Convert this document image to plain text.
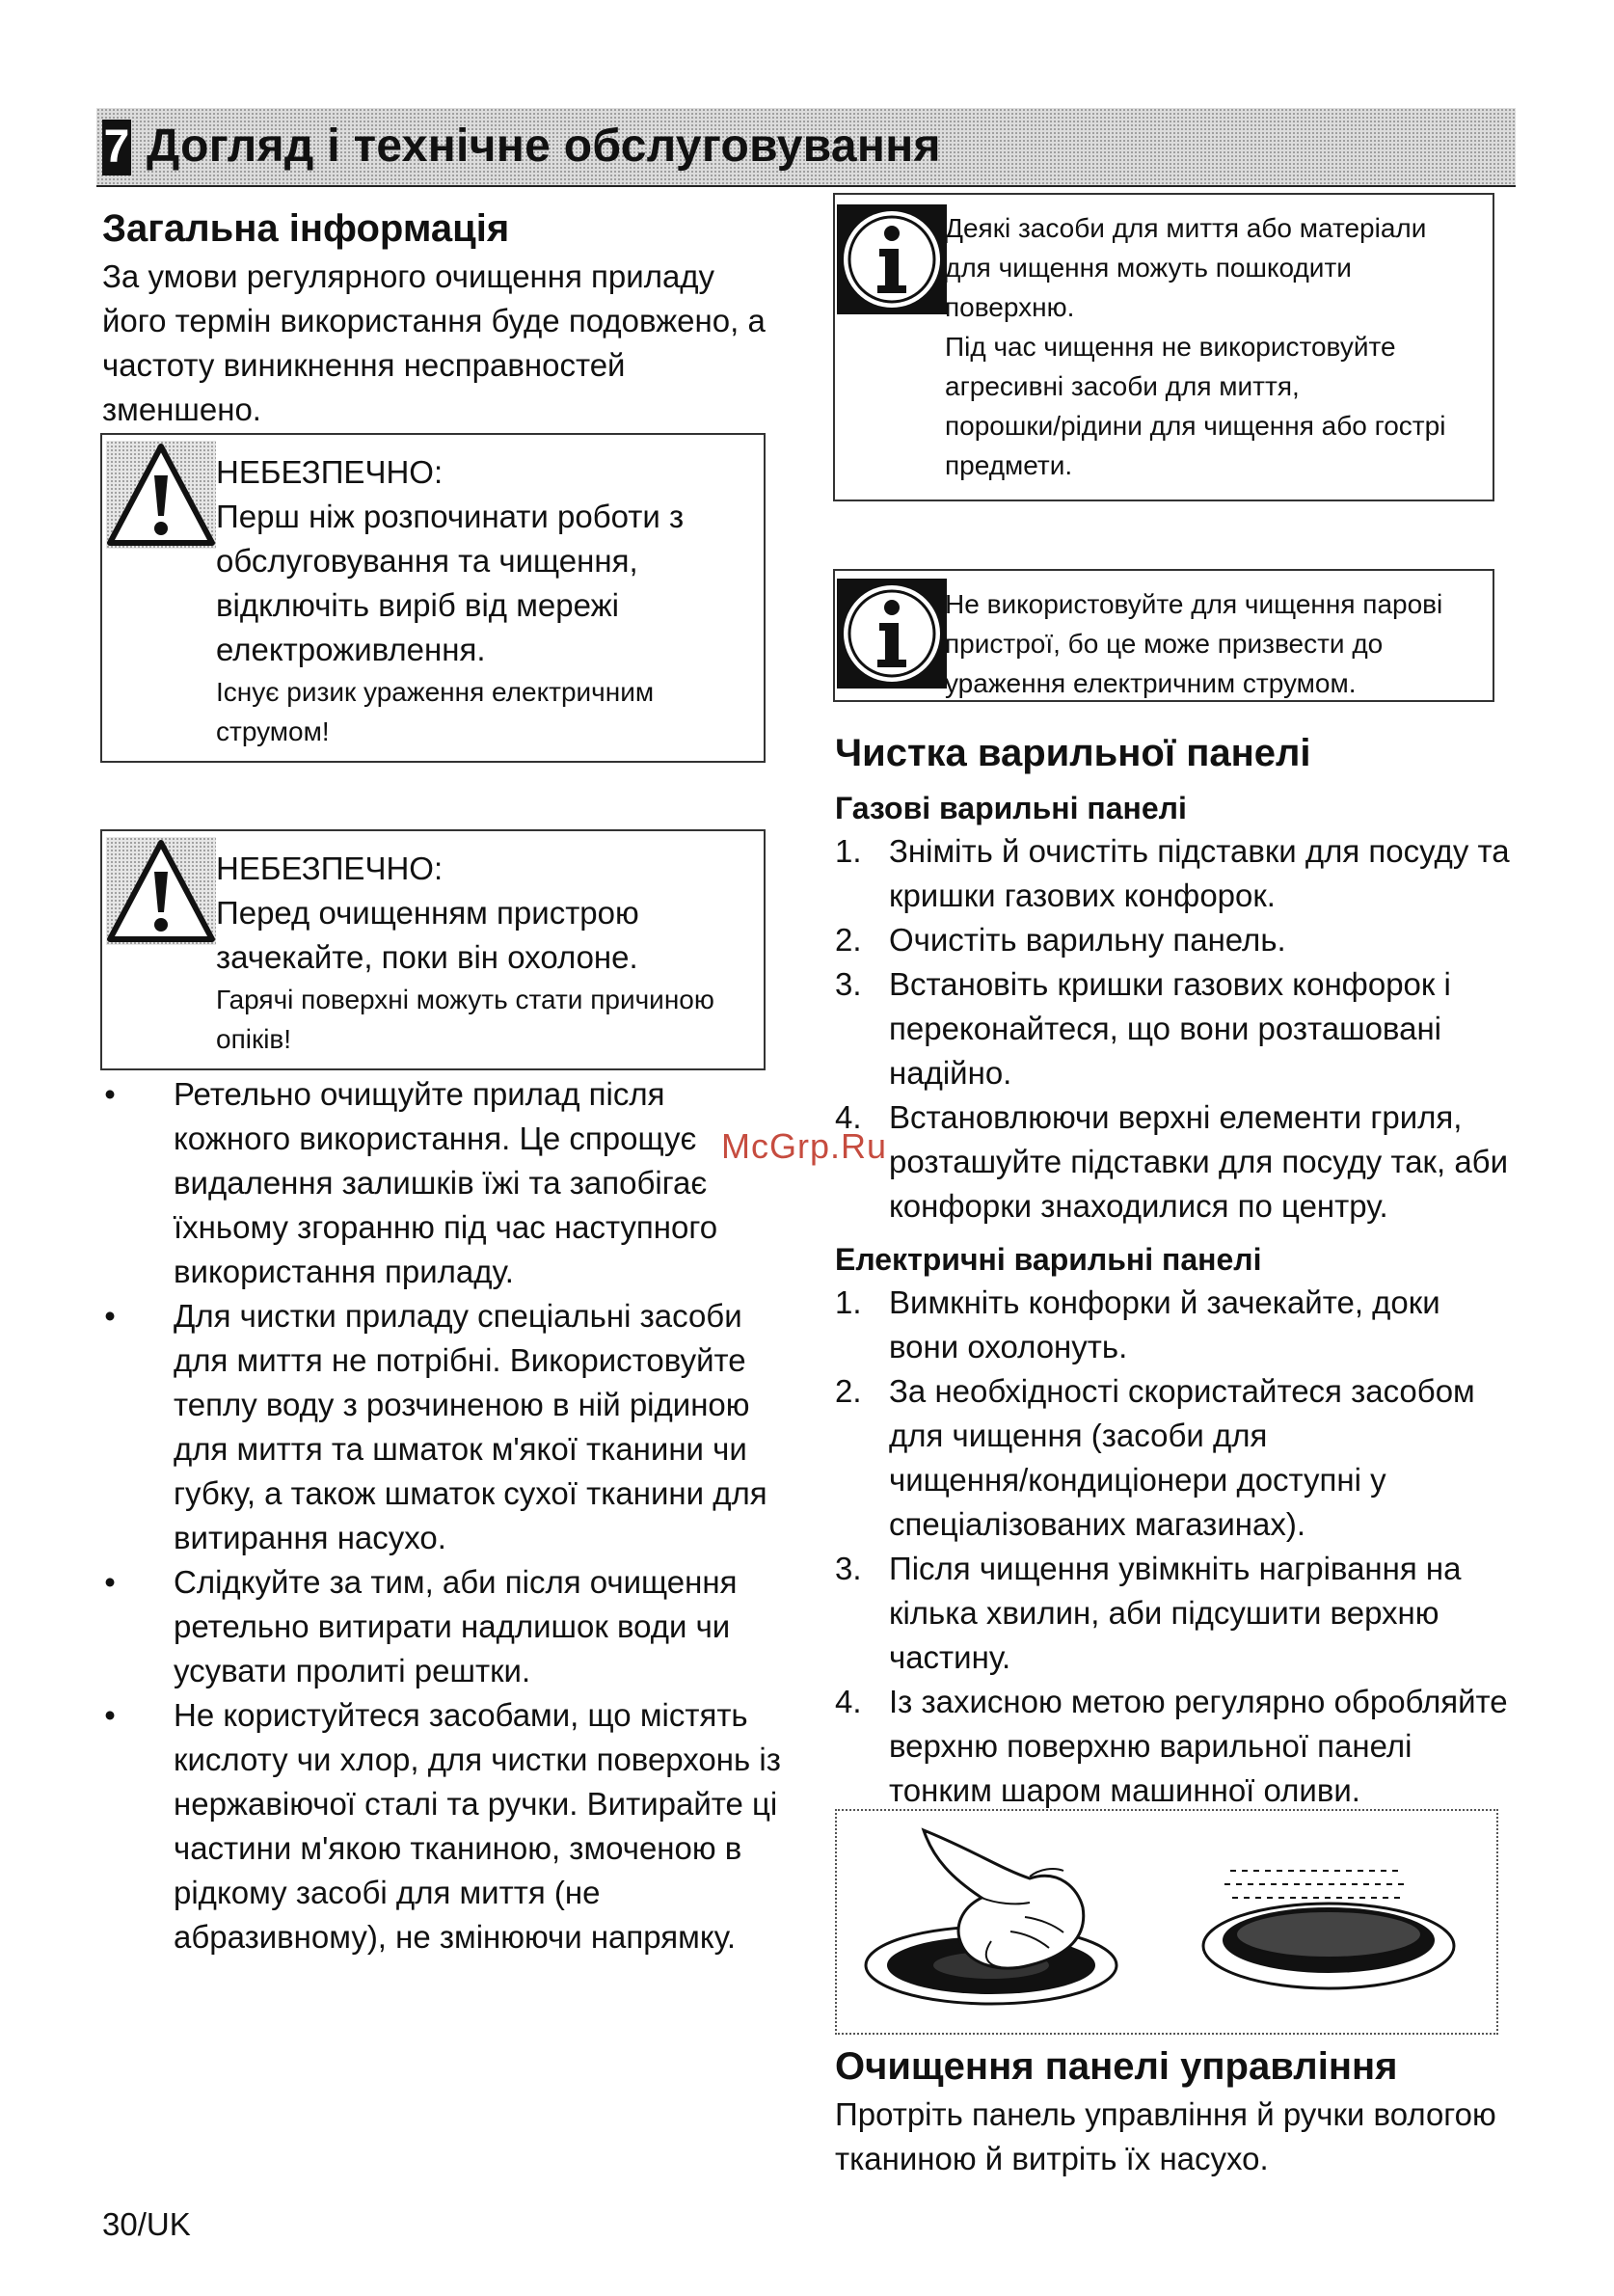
7 Догляд і технічне обслуговування
Загальна інформація
За умови регулярного очищення приладу
його термін використання буде подовжено, а
частоту виникнення несправностей
зменшено.
НЕБЕЗПЕЧНО:
Перш ніж розпочинати роботи з
обслуговування та чищення,
відключіть виріб від мережі
електроживлення.
Існує ризик ураження електричним
струмом!
НЕБЕЗПЕЧНО:
Перед очищенням пристрою
зачекайте, поки він охолоне.
Гарячі поверхні можуть стати причиною
опіків!
• Ретельно очищуйте прилад після
кожного використання. Це спрощує
видалення залишків їжі та запобігає
їхньому згоранню під час наступного
використання приладу.
• Для чистки приладу спеціальні засоби
для миття не потрібні. Використовуйте
теплу воду з розчиненою в ній рідиною
для миття та шматок м'якої тканини чи
губку, а також шматок сухої тканини для
витирання насухо.
• Слідкуйте за тим, аби після очищення
ретельно витирати надлишок води чи
усувати пролиті рештки.
• Не користуйтеся засобами, що містять
кислоту чи хлор, для чистки поверхонь із
нержавіючої сталі та ручки. Витирайте ці
частини м'якою тканиною, змоченою в
рідкому засобі для миття (не
абразивному), не змінюючи напрямку.
30/UK
Деякі засоби для миття або матеріали
для чищення можуть пошкодити
поверхню.
Під час чищення не використовуйте
агресивні засоби для миття,
порошки/рідини для чищення або гострі
предмети.
Не використовуйте для чищення парові
пристрої, бо це може призвести до
ураження електричним струмом.
Чистка варильної панелі
Газові варильні панелі
1. Зніміть й очистіть підставки для посуду та
кришки газових конфорок.
2. Очистіть варильну панель.
3. Встановіть кришки газових конфорок і
переконайтеся, що вони розташовані
надійно.
4. Встановлюючи верхні елементи гриля,
розташуйте підставки для посуду так, аби
конфорки знаходилися по центру.
Електричні варильні панелі
1. Вимкніть конфорки й зачекайте, доки
вони охолонуть.
2. За необхідності скористайтеся засобом
для чищення (засоби для
чищення/кондиціонери доступні у
спеціалізованих магазинах).
3. Після чищення увімкніть нагрівання на
кілька хвилин, аби підсушити верхню
частину.
4. Із захисною метою регулярно обробляйте
верхню поверхню варильної панелі
тонким шаром машинної оливи.
Очищення панелі управління
Протріть панель управління й ручки вологою
тканиною й витріть їх насухо.
McGrp.Ru
